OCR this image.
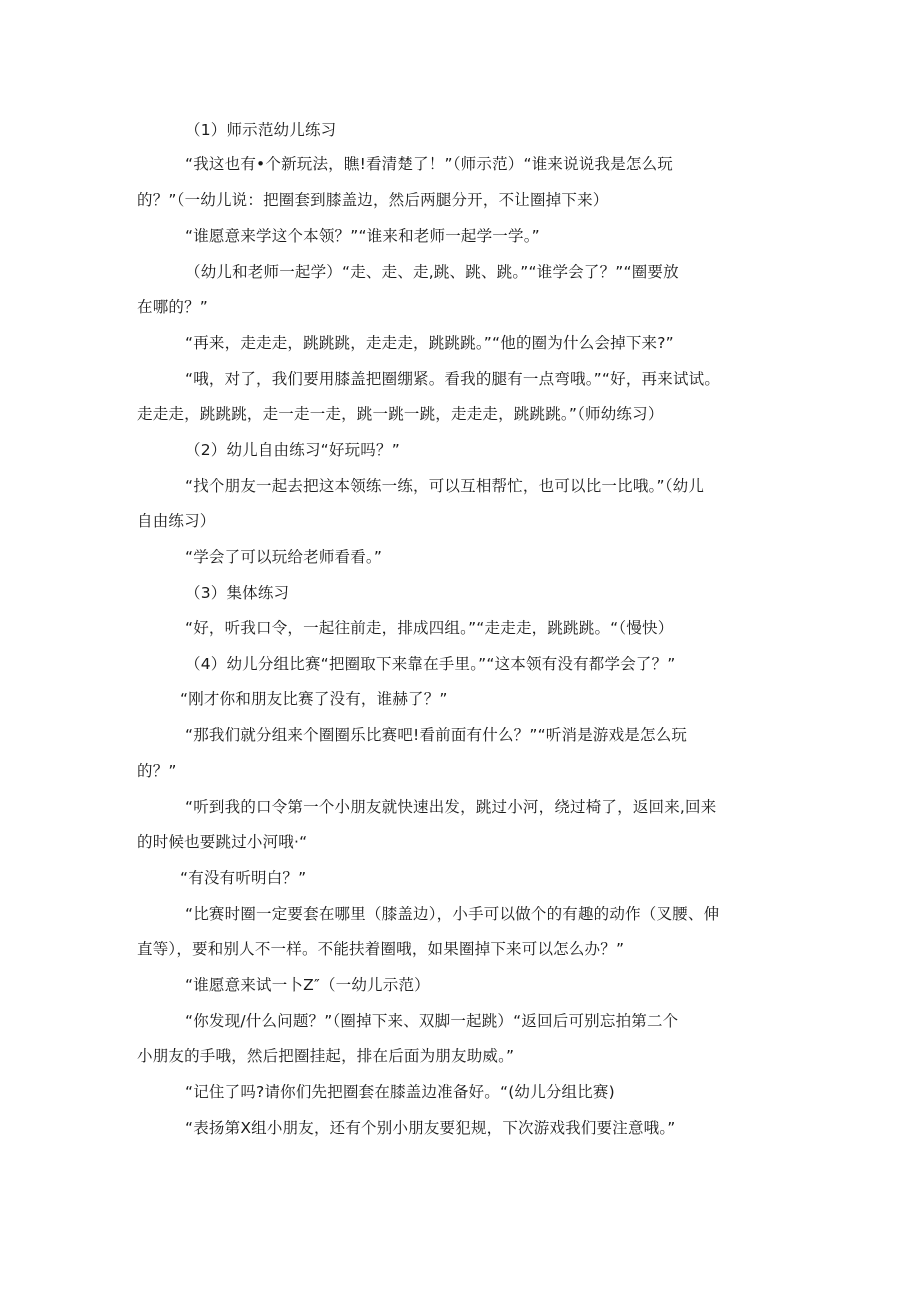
（1）师示范幼儿练习
“我这也有•个新玩法，瞧!看清楚了！”（师示范）“谁来说说我是怎么玩
的？”（一幼儿说：把圈套到膝盖边，然后两腿分开，不让圈掉下来）
“谁愿意来学这个本领？”“谁来和老师一起学一学。”
（幼儿和老师一起学）“走、走、走,跳、跳、跳。”“谁学会了？”“圈要放
在哪的？”
“再来，走走走，跳跳跳，走走走，跳跳跳。”“他的圈为什么会掉下来?”
“哦，对了，我们要用膝盖把圈绷紧。看我的腿有一点弯哦。”“好，再来试试。
走走走，跳跳跳，走一走一走，跳一跳一跳，走走走，跳跳跳。”（师幼练习）
（2）幼儿自由练习“好玩吗？”
“找个朋友一起去把这本领练一练，可以互相帮忙，也可以比一比哦。”（幼儿
自由练习）
“学会了可以玩给老师看看。”
（3）集体练习
“好，听我口令，一起往前走，排成四组。”“走走走，跳跳跳。“（慢快）
（4）幼儿分组比赛“把圈取下来靠在手里。”“这本领有没有都学会了？”
“刚才你和朋友比赛了没有，谁赫了？”
“那我们就分组来个圈圈乐比赛吧!看前面有什么？”“听消是游戏是怎么玩
的？”
“听到我的口令第一个小朋友就快速出发，跳过小河，绕过椅了，返回来,回来
的时候也要跳过小河哦·“
“有没有听明白？”
“比赛时圈一定要套在哪里（膝盖边），小手可以做个的有趣的动作（叉腰、伸
直等），要和别人不一样。不能扶着圈哦，如果圈掉下来可以怎么办？”
“谁愿意来试一卜Z″（一幼儿示范）
“你发现/什么问题？”（圈掉下来、双脚一起跳）“返回后可别忘拍第二个
小朋友的手哦，然后把圈挂起，排在后面为朋友助威。”
“记住了吗?请你们先把圈套在膝盖边准备好。“(幼儿分组比赛)
“表扬第X组小朋友，还有个别小朋友要犯规，下次游戏我们要注意哦。”
